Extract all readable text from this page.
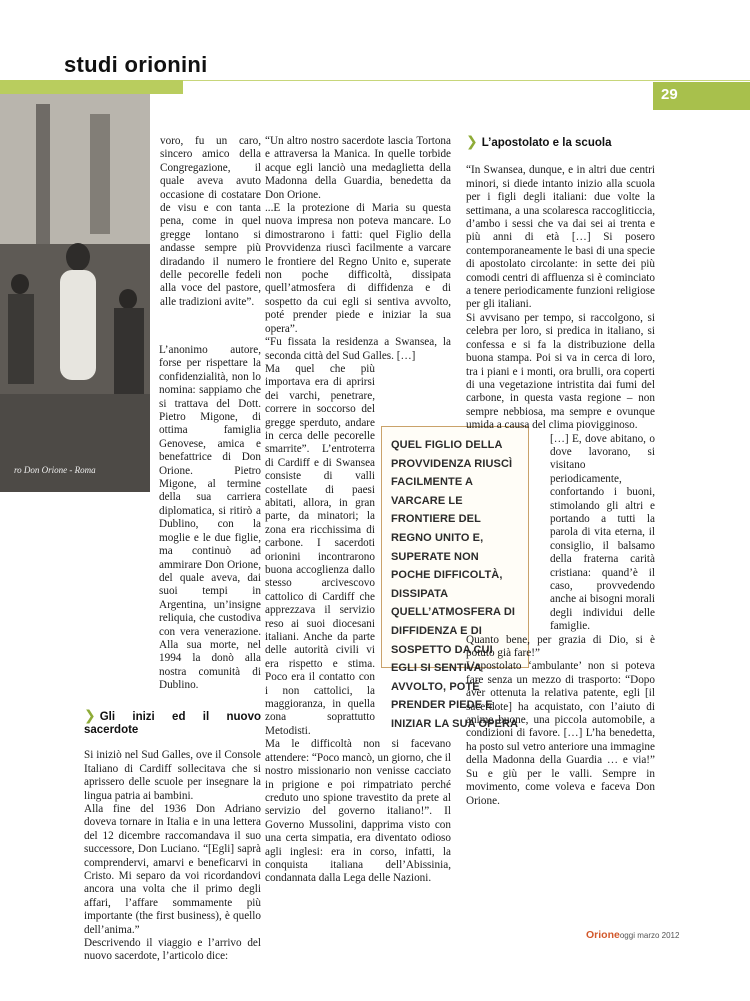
studi orionini
29
ro Don Orione - Roma

voro, fu un caro, sincero amico della Congregazione, il quale aveva avuto occasione di costatare de visu e con tanta pena, come in quel gregge lontano si andasse sempre più diradando il numero delle pecorelle fedeli alla voce del pastore, alle tradizioni avite”.

L’anonimo autore, forse per rispettare la confidenzialità, non lo nomina: sappiamo che si trattava del Dott. Pietro Migone, di ottima famiglia Genovese, amica e benefattrice di Don Orione. Pietro Migone, al termine della sua carriera diplomatica, si ritirò a Dublino, con la moglie e le due figlie, ma continuò ad ammirare Don Orione, del quale aveva, dai suoi tempi in Argentina, un’insigne reliquia, che custodiva con vera venerazione. Alla sua morte, nel 1994 la donò alla nostra comunità di Dublino.

❯ Gli inizi ed il nuovo sacerdote

Si iniziò nel Sud Galles, ove il Console Italiano di Cardiff sollecitava che si aprissero delle scuole per insegnare la lingua patria ai bambini.

Alla fine del 1936 Don Adriano doveva tornare in Italia e in una lettera del 12 dicembre raccomandava il suo successore, Don Luciano. “[Egli] saprà comprendervi, amarvi e beneficarvi in Cristo. Mi separo da voi ricordandovi ancora una volta che il primo degli affari, l’affare sommamente più importante (the first business), è quello dell’anima.”

Descrivendo il viaggio e l’arrivo del nuovo sacerdote, l’articolo dice:

“Un altro nostro sacerdote lascia Tortona e attraversa la Manica. In quelle torbide acque egli lanciò una medaglietta della Madonna della Guardia, benedetta da Don Orione.

...E la protezione di Maria su questa nuova impresa non poteva mancare. Lo dimostrarono i fatti: quel Figlio della Provvidenza riuscì facilmente a varcare le frontiere del Regno Unito e, superate non poche difficoltà, dissipata quell’atmosfera di diffidenza e di sospetto da cui egli si sentiva avvolto, poté prender piede e iniziar la sua opera”.

“Fu fissata la residenza a Swansea, la seconda città del Sud Galles. […]

Ma quel che più importava era di aprirsi dei varchi, penetrare, correre in soccorso del gregge sperduto, andare in cerca delle pecorelle smarrite”. L’entroterra di Cardiff e di Swansea consiste di valli costellate di paesi abitati, allora, in gran parte, da minatori; la zona era ricchissima di carbone. I sacerdoti orionini incontrarono buona accoglienza dallo stesso arcivescovo cattolico di Cardiff che apprezzava il servizio reso ai suoi diocesani italiani. Anche da parte delle autorità civili vi era rispetto e stima. Poco era il contatto con i non cattolici, la maggioranza, in quella zona soprattutto Metodisti.

Ma le difficoltà non si facevano attendere: “Poco mancò, un giorno, che il nostro missionario non venisse cacciato in prigione e poi rimpatriato perché creduto uno spione travestito da prete al servizio del governo italiano!”. Il Governo Mussolini, dapprima visto con una certa simpatia, era diventato odioso agli inglesi: era in corso, infatti, la conquista italiana dell’Abissinia, condannata dalla Lega delle Nazioni.

QUEL FIGLIO DELLA PROVVIDENZA RIUSCÌ FACILMENTE A VARCARE LE FRONTIERE DEL REGNO UNITO E, SUPERATE NON POCHE DIFFICOLTÀ, DISSIPATA QUELL’ATMOSFERA DI DIFFIDENZA E DI SOSPETTO DA CUI EGLI SI SENTIVA AVVOLTO, POTÉ PRENDER PIEDE E INIZIAR LA SUA OPERA

❯ L’apostolato e la scuola

“In Swansea, dunque, e in altri due centri minori, si diede intanto inizio alla scuola per i figli degli italiani: due volte la settimana, a una scolaresca raccogliticcia, d’ambo i sessi che va dai sei ai trenta e più anni di età […] Si posero contemporaneamente le basi di una specie di apostolato circolante: in sette dei più comodi centri di affluenza si è cominciato a tenere periodicamente funzioni religiose per gli italiani.

Si avvisano per tempo, si raccolgono, si celebra per loro, si predica in italiano, si confessa e si fa la distribuzione della buona stampa. Poi si va in cerca di loro, tra i piani e i monti, ora brulli, ora coperti di una vegetazione intristita dai fumi del carbone, in questa vasta regione – non sempre nebbiosa, ma sempre e ovunque umida a causa del clima piovigginoso.

[…] E, dove abitano, o dove lavorano, si visitano periodicamente, confortando i buoni, stimolando gli altri e portando a tutti la parola di vita eterna, il consiglio, il balsamo della fraterna carità cristiana: quand’è il caso, provvedendo anche ai bisogni morali degli individui delle famiglie.

Quanto bene, per grazia di Dio, si è potuto già fare!”

L’apostolato ‘ambulante’ non si poteva fare senza un mezzo di trasporto: “Dopo aver ottenuta la relativa patente, egli [il sacerdote] ha acquistato, con l’aiuto di anime buone, una piccola automobile, a condizioni di favore. […] L’ha benedetta, ha posto sul vetro anteriore una immagine della Madonna della Guardia … e via!” Su e giù per le valli. Sempre in movimento, come voleva e faceva Don Orione.

Orioneoggi marzo 2012
